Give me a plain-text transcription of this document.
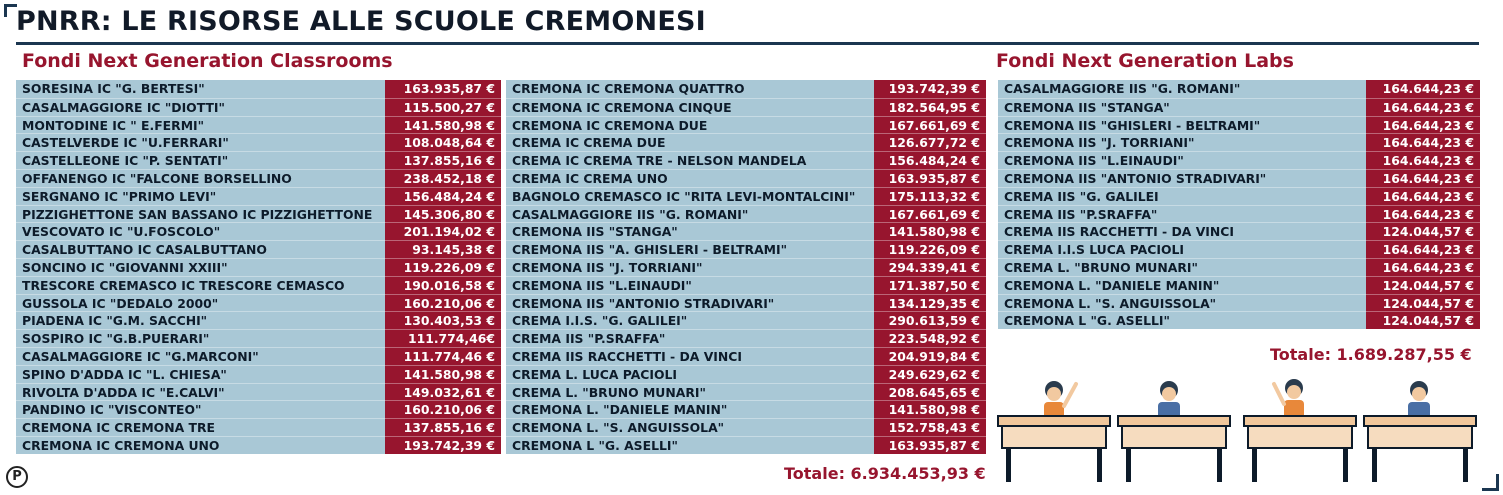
PNRR: LE RISORSE ALLE SCUOLE CREMONESI
Fondi Next Generation Classrooms	Fondi Next Generation Labs
SORESINA IC "G. BERTESI"	163.935,87 €
CASALMAGGIORE IC "DIOTTI"	115.500,27 €
MONTODINE IC " E.FERMI"	141.580,98 €
CASTELVERDE IC "U.FERRARI"	108.048,64 €
CASTELLEONE IC "P. SENTATI"	137.855,16 €
OFFANENGO IC "FALCONE BORSELLINO	238.452,18 €
SERGNANO IC "PRIMO LEVI"	156.484,24 €
PIZZIGHETTONE SAN BASSANO IC PIZZIGHETTONE	145.306,80 €
VESCOVATO IC "U.FOSCOLO"	201.194,02 €
CASALBUTTANO IC CASALBUTTANO	93.145,38 €
SONCINO IC "GIOVANNI XXIII"	119.226,09 €
TRESCORE CREMASCO IC TRESCORE CEMASCO	190.016,58 €
GUSSOLA IC "DEDALO 2000"	160.210,06 €
PIADENA IC "G.M. SACCHI"	130.403,53 €
SOSPIRO IC "G.B.PUERARI"	111.774,46€
CASALMAGGIORE IC "G.MARCONI"	111.774,46 €
SPINO D'ADDA IC "L. CHIESA"	141.580,98 €
RIVOLTA D'ADDA IC "E.CALVI"	149.032,61 €
PANDINO IC "VISCONTEO"	160.210,06 €
CREMONA IC CREMONA TRE	137.855,16 €
CREMONA IC CREMONA UNO	193.742,39 €
CREMONA IC CREMONA QUATTRO	193.742,39 €
CREMONA IC CREMONA CINQUE	182.564,95 €
CREMONA IC CREMONA DUE	167.661,69 €
CREMA IC CREMA DUE	126.677,72 €
CREMA IC CREMA TRE - NELSON MANDELA	156.484,24 €
CREMA IC CREMA UNO	163.935,87 €
BAGNOLO CREMASCO IC "RITA LEVI-MONTALCINI"	175.113,32 €
CASALMAGGIORE IIS "G. ROMANI"	167.661,69 €
CREMONA IIS "STANGA"	141.580,98 €
CREMONA IIS "A. GHISLERI - BELTRAMI"	119.226,09 €
CREMONA IIS "J. TORRIANI"	294.339,41 €
CREMONA IIS "L.EINAUDI"	171.387,50 €
CREMONA IIS "ANTONIO STRADIVARI"	134.129,35 €
CREMA I.I.S. "G. GALILEI"	290.613,59 €
CREMA IIS "P.SRAFFA"	223.548,92 €
CREMA IIS RACCHETTI - DA VINCI	204.919,84 €
CREMA L. LUCA PACIOLI	249.629,62 €
CREMA L. "BRUNO MUNARI"	208.645,65 €
CREMONA L. "DANIELE MANIN"	141.580,98 €
CREMONA L. "S. ANGUISSOLA"	152.758,43 €
CREMONA L "G. ASELLI"	163.935,87 €
CASALMAGGIORE IIS "G. ROMANI"	164.644,23 €
CREMONA IIS "STANGA"	164.644,23 €
CREMONA IIS "GHISLERI - BELTRAMI"	164.644,23 €
CREMONA IIS "J. TORRIANI"	164.644,23 €
CREMONA IIS "L.EINAUDI"	164.644,23 €
CREMONA IIS "ANTONIO STRADIVARI"	164.644,23 €
CREMA IIS "G. GALILEI	164.644,23 €
CREMA IIS "P.SRAFFA"	164.644,23 €
CREMA IIS RACCHETTI - DA VINCI	124.044,57 €
CREMA I.I.S LUCA PACIOLI	164.644,23 €
CREMA L. "BRUNO MUNARI"	164.644,23 €
CREMONA L. "DANIELE MANIN"	124.044,57 €
CREMONA L. "S. ANGUISSOLA"	124.044,57 €
CREMONA L "G. ASELLI"	124.044,57 €
Totale: 6.934.453,93 €
Totale: 1.689.287,55 €
P
